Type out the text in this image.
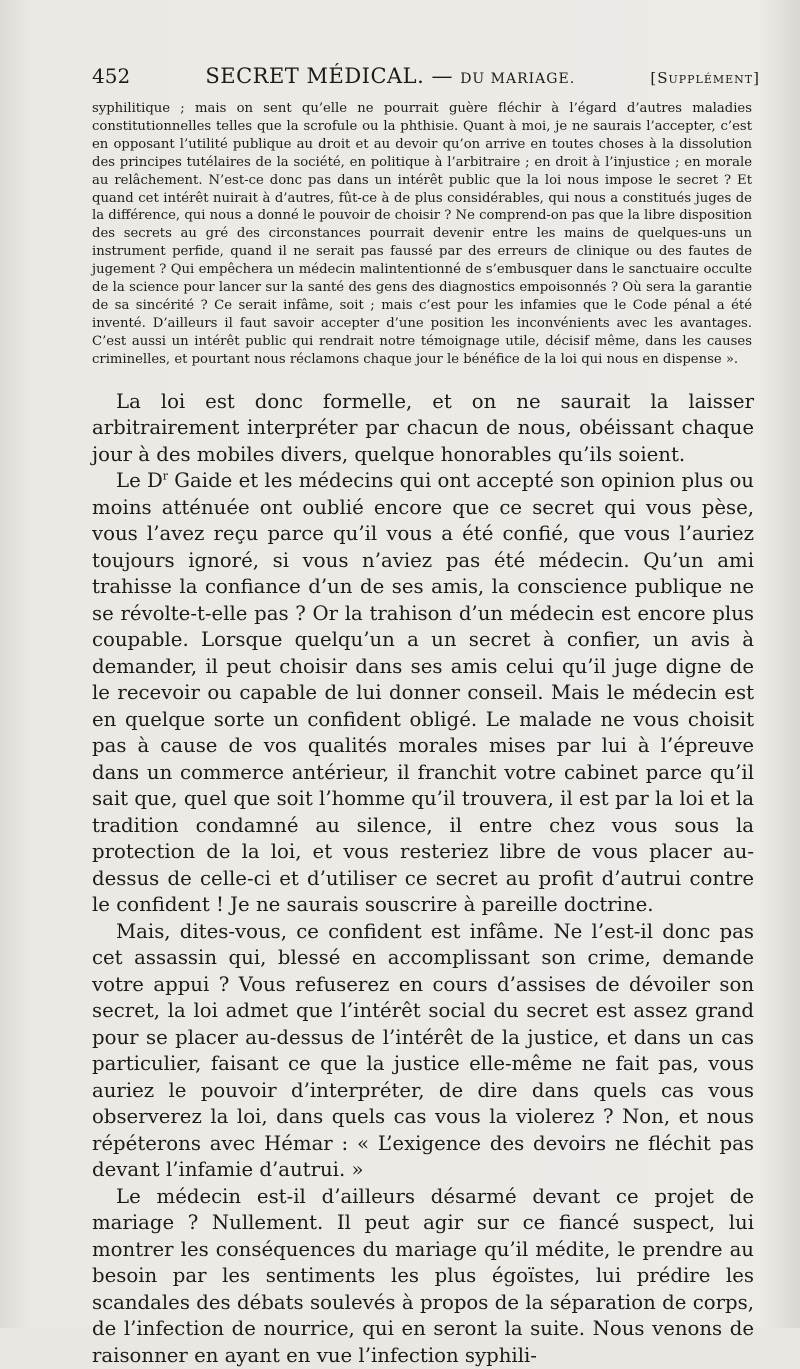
452	SECRET MÉDICAL. — DU MARIAGE.	[Supplément]

syphilitique ; mais on sent qu’elle ne pourrait guère fléchir à l’égard d’autres maladies constitutionnelles telles que la scrofule ou la phthisie. Quant à moi, je ne saurais l’accepter, c’est en opposant l’utilité publique au droit et au devoir qu’on arrive en toutes choses à la dissolution des principes tutélaires de la société, en politique à l’arbitraire ; en droit à l’injustice ; en morale au relâchement. N’est-ce donc pas dans un intérêt public que la loi nous impose le secret ? Et quand cet intérêt nuirait à d’autres, fût-ce à de plus considérables, qui nous a constitués juges de la différence, qui nous a donné le pouvoir de choisir ? Ne comprend-on pas que la libre disposition des secrets au gré des circonstances pourrait devenir entre les mains de quelques-uns un instrument perfide, quand il ne serait pas faussé par des erreurs de clinique ou des fautes de jugement ? Qui empêchera un médecin malintentionné de s’embusquer dans le sanctuaire occulte de la science pour lancer sur la santé des gens des diagnostics empoisonnés ? Où sera la garantie de sa sincérité ? Ce serait infâme, soit ; mais c’est pour les infamies que le Code pénal a été inventé. D’ailleurs il faut savoir accepter d’une position les inconvénients avec les avantages. C’est aussi un intérêt public qui rendrait notre témoignage utile, décisif même, dans les causes criminelles, et pourtant nous réclamons chaque jour le bénéfice de la loi qui nous en dispense ».

La loi est donc formelle, et on ne saurait la laisser arbitrairement interpréter par chacun de nous, obéissant chaque jour à des mobiles divers, quelque honorables qu’ils soient.

Le $D^r$ Gaide et les médecins qui ont accepté son opinion plus ou moins atténuée ont oublié encore que ce secret qui vous pèse, vous l’avez reçu parce qu’il vous a été confié, que vous l’auriez toujours ignoré, si vous n’aviez pas été médecin. Qu’un ami trahisse la confiance d’un de ses amis, la conscience publique ne se révolte-t-elle pas ? Or la trahison d’un médecin est encore plus coupable. Lorsque quelqu’un a un secret à confier, un avis à demander, il peut choisir dans ses amis celui qu’il juge digne de le recevoir ou capable de lui donner conseil. Mais le médecin est en quelque sorte un confident obligé. Le malade ne vous choisit pas à cause de vos qualités morales mises par lui à l’épreuve dans un commerce antérieur, il franchit votre cabinet parce qu’il sait que, quel que soit l’homme qu’il trouvera, il est par la loi et la tradition condamné au silence, il entre chez vous sous la protection de la loi, et vous resteriez libre de vous placer au-dessus de celle-ci et d’utiliser ce secret au profit d’autrui contre le confident ! Je ne saurais souscrire à pareille doctrine.

Mais, dites-vous, ce confident est infâme. Ne l’est-il donc pas cet assassin qui, blessé en accomplissant son crime, demande votre appui ? Vous refuserez en cours d’assises de dévoiler son secret, la loi admet que l’intérêt social du secret est assez grand pour se placer au-dessus de l’intérêt de la justice, et dans un cas particulier, faisant ce que la justice elle-même ne fait pas, vous auriez le pouvoir d’interpréter, de dire dans quels cas vous observerez la loi, dans quels cas vous la violerez ? Non, et nous répéterons avec Hémar : « L’exigence des devoirs ne fléchit pas devant l’infamie d’autrui. »

Le médecin est-il d’ailleurs désarmé devant ce projet de mariage ? Nullement. Il peut agir sur ce fiancé suspect, lui montrer les conséquences du mariage qu’il médite, le prendre au besoin par les sentiments les plus égoïstes, lui prédire les scandales des débats soulevés à propos de la séparation de corps, de l’infection de nourrice, qui en seront la suite. Nous venons de raisonner en ayant en vue l’infection syphili-
